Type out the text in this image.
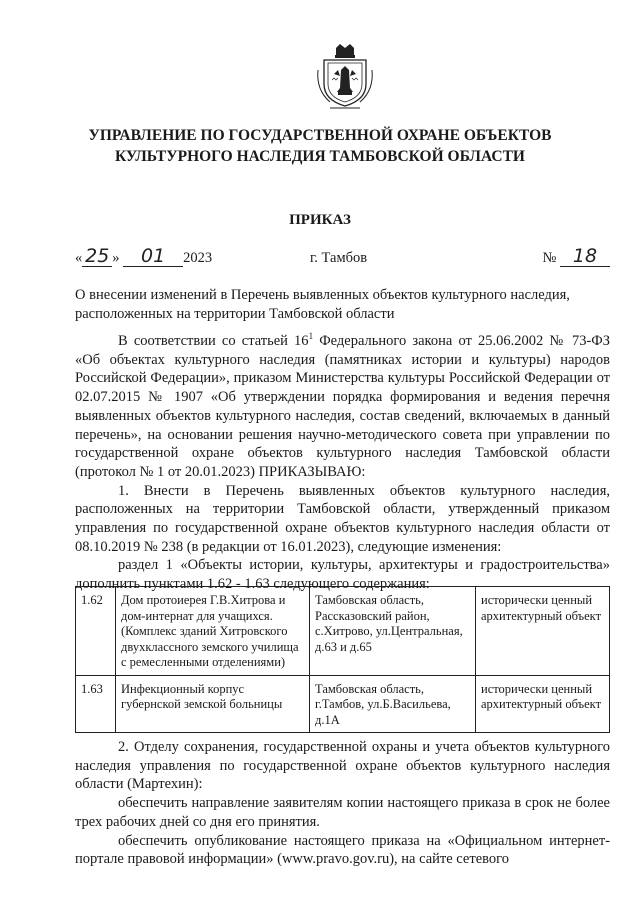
УПРАВЛЕНИЕ ПО ГОСУДАРСТВЕННОЙ ОХРАНЕ ОБЪЕКТОВ
КУЛЬТУРНОГО НАСЛЕДИЯ ТАМБОВСКОЙ ОБЛАСТИ
ПРИКАЗ
« 25 » 01 2023	г. Тамбов	№ 18
О внесении изменений в Перечень выявленных объектов культурного наследия, расположенных на территории Тамбовской области

В соответствии со статьей $16^1$ Федерального закона от 25.06.2002 № 73-ФЗ «Об объектах культурного наследия (памятниках истории и культуры) народов Российской Федерации», приказом Министерства культуры Российской Федерации от 02.07.2015 № 1907 «Об утверждении порядка формирования и ведения перечня выявленных объектов культурного наследия, состав сведений, включаемых в данный перечень», на основании решения научно-методического совета при управлении по государственной охране объектов культурного наследия Тамбовской области (протокол № 1 от 20.01.2023) ПРИКАЗЫВАЮ:

1. Внести в Перечень выявленных объектов культурного наследия, расположенных на территории Тамбовской области, утвержденный приказом управления по государственной охране объектов культурного наследия области от 08.10.2019 № 238 (в редакции от 16.01.2023), следующие изменения:

раздел 1 «Объекты истории, культуры, архитектуры и градостроительства» дополнить пунктами 1.62 - 1.63 следующего содержания:

1.62	Дом протоиерея Г.В.Хитрова и дом-интернат для учащихся. (Комплекс зданий Хитровского двухклассного земского училища с ремесленными отделениями)	Тамбовская область, Рассказовский район, с.Хитрово, ул.Центральная, д.63 и д.65	исторически ценный архитектурный объект
1.63	Инфекционный корпус губернской земской больницы	Тамбовская область, г.Тамбов, ул.Б.Васильева, д.1А	исторически ценный архитектурный объект

2. Отделу сохранения, государственной охраны и учета объектов культурного наследия управления по государственной охране объектов культурного наследия области (Мартехин):

обеспечить направление заявителям копии настоящего приказа в срок не более трех рабочих дней со дня его принятия.

обеспечить опубликование настоящего приказа на «Официальном интернет-портале правовой информации» (www.pravo.gov.ru), на сайте сетевого
